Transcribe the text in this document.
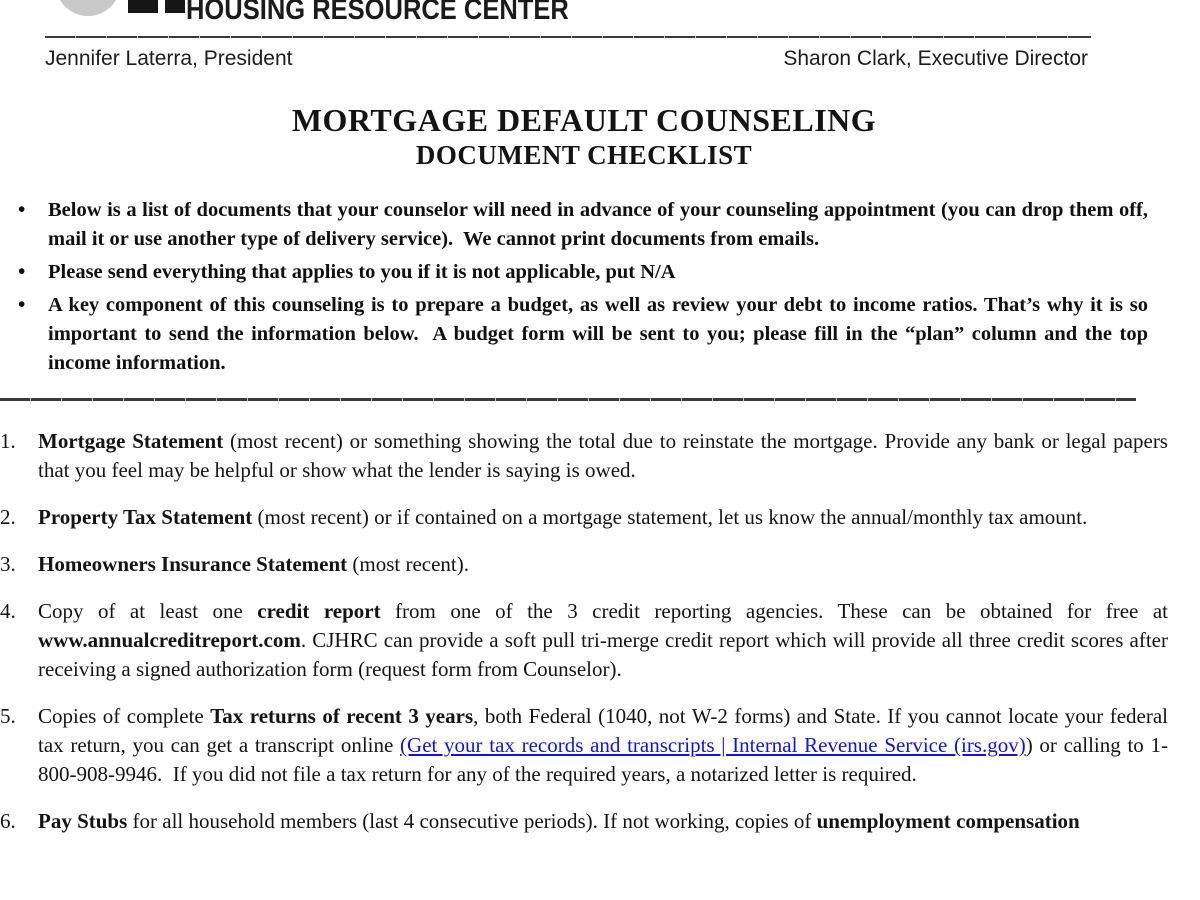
HOUSING RESOURCE CENTER
Jennifer Laterra, President	Sharon Clark, Executive Director
MORTGAGE DEFAULT COUNSELING
DOCUMENT CHECKLIST
• Below is a list of documents that your counselor will need in advance of your counseling appointment (you can drop them off, mail it or use another type of delivery service).  We cannot print documents from emails.
• Please send everything that applies to you if it is not applicable, put N/A
• A key component of this counseling is to prepare a budget, as well as review your debt to income ratios. That’s why it is so important to send the information below.  A budget form will be sent to you; please fill in the “plan” column and the top income information.
1. Mortgage Statement (most recent) or something showing the total due to reinstate the mortgage. Provide any bank or legal papers that you feel may be helpful or show what the lender is saying is owed.
2. Property Tax Statement (most recent) or if contained on a mortgage statement, let us know the annual/monthly tax amount.
3. Homeowners Insurance Statement (most recent).
4. Copy of at least one credit report from one of the 3 credit reporting agencies. These can be obtained for free at www.annualcreditreport.com. CJHRC can provide a soft pull tri-merge credit report which will provide all three credit scores after receiving a signed authorization form (request form from Counselor).
5. Copies of complete Tax returns of recent 3 years, both Federal (1040, not W-2 forms) and State. If you cannot locate your federal tax return, you can get a transcript online (Get your tax records and transcripts | Internal Revenue Service (irs.gov)) or calling to 1-800-908-9946.  If you did not file a tax return for any of the required years, a notarized letter is required.
6. Pay Stubs for all household members (last 4 consecutive periods). If not working, copies of unemployment compensation
